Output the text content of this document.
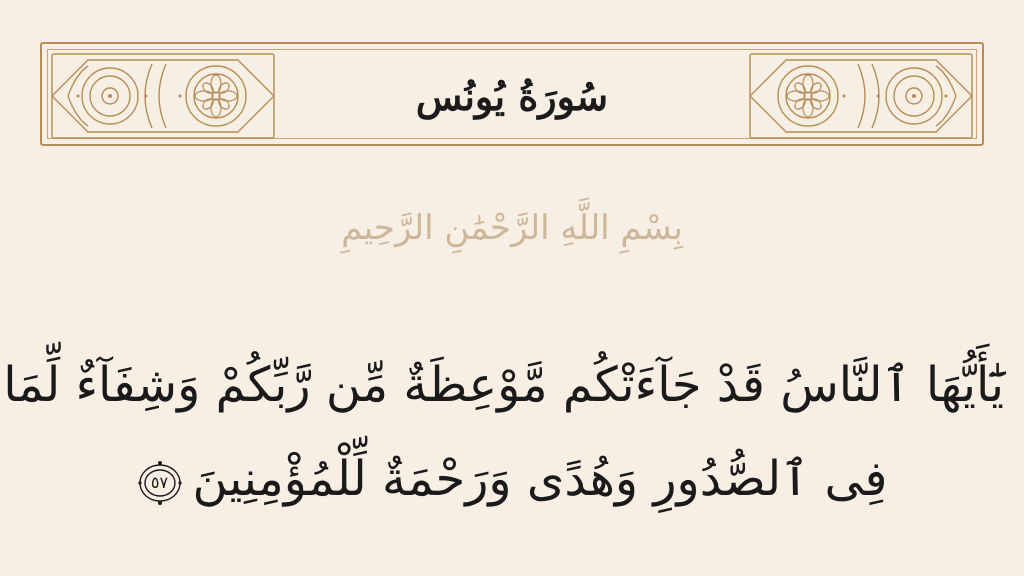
سُورَةُ يُونُس
بِسْمِ اللَّهِ الرَّحْمَٰنِ الرَّحِيمِ
يَٰٓأَيُّهَا ٱلنَّاسُ قَدْ جَآءَتْكُم مَّوْعِظَةٌ مِّن رَّبِّكُمْ وَشِفَآءٌ لِّمَا
فِى ٱلصُّدُورِ وَهُدًى وَرَحْمَةٌ لِّلْمُؤْمِنِينَ
٥٧
